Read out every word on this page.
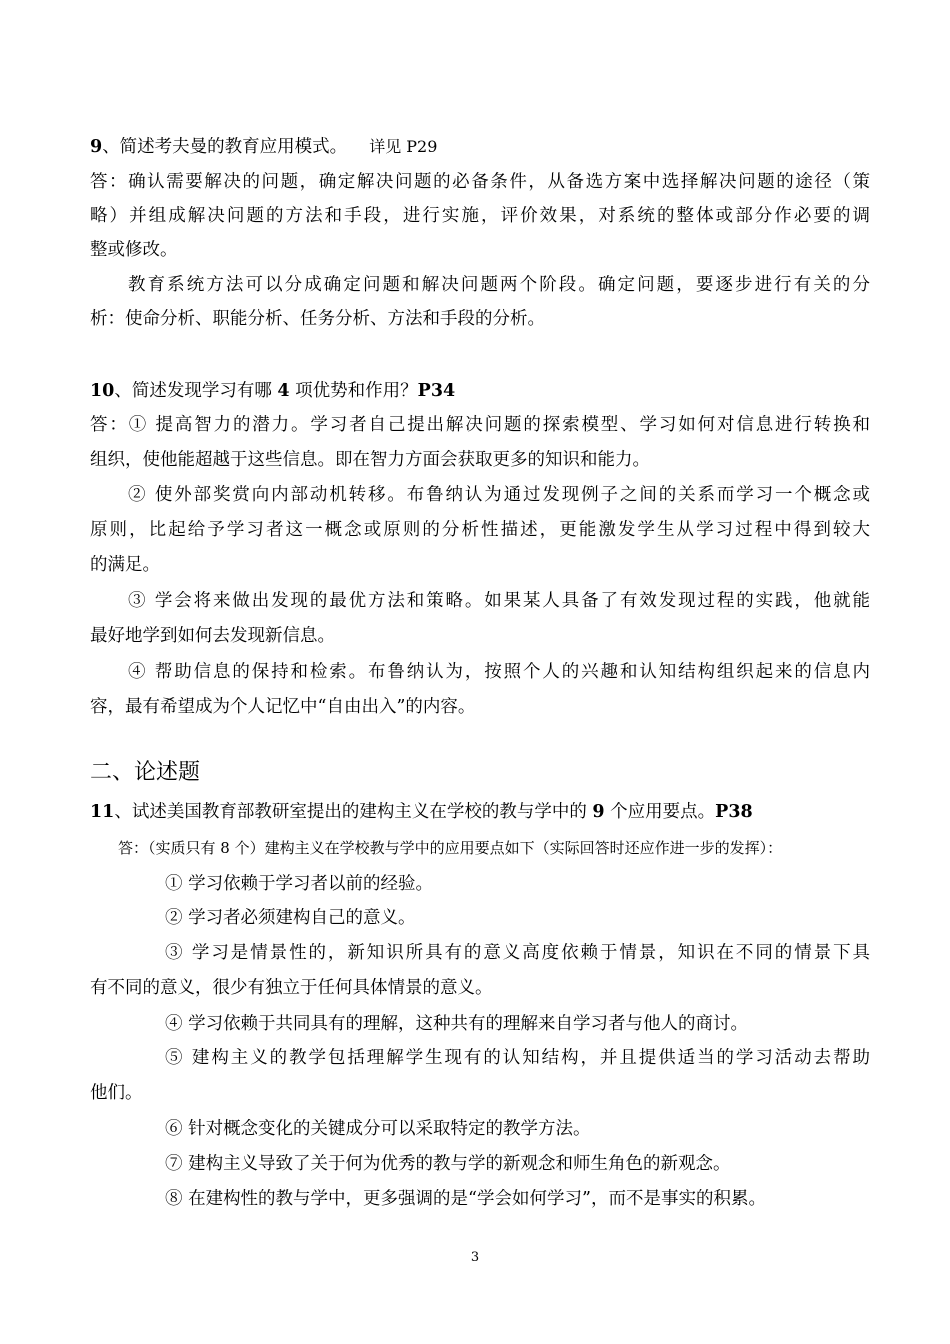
9、简述考夫曼的教育应用模式。 详见 P29
答：确认需要解决的问题，确定解决问题的必备条件，从备选方案中选择解决问题的途径（策
略）并组成解决问题的方法和手段，进行实施，评价效果，对系统的整体或部分作必要的调
整或修改。
教育系统方法可以分成确定问题和解决问题两个阶段。确定问题，要逐步进行有关的分
析：使命分析、职能分析、任务分析、方法和手段的分析。
10、简述发现学习有哪 4 项优势和作用？P34
答：① 提高智力的潜力。学习者自己提出解决问题的探索模型、学习如何对信息进行转换和
组织，使他能超越于这些信息。即在智力方面会获取更多的知识和能力。
② 使外部奖赏向内部动机转移。布鲁纳认为通过发现例子之间的关系而学习一个概念或
原则，比起给予学习者这一概念或原则的分析性描述，更能激发学生从学习过程中得到较大
的满足。
③ 学会将来做出发现的最优方法和策略。如果某人具备了有效发现过程的实践，他就能
最好地学到如何去发现新信息。
④ 帮助信息的保持和检索。布鲁纳认为，按照个人的兴趣和认知结构组织起来的信息内
容，最有希望成为个人记忆中“自由出入”的内容。
二、论述题
11、试述美国教育部教研室提出的建构主义在学校的教与学中的 9 个应用要点。P38
答：（实质只有 8 个）建构主义在学校教与学中的应用要点如下（实际回答时还应作进一步的发挥）：
① 学习依赖于学习者以前的经验。
② 学习者必须建构自己的意义。
③ 学习是情景性的，新知识所具有的意义高度依赖于情景，知识在不同的情景下具
有不同的意义，很少有独立于任何具体情景的意义。
④ 学习依赖于共同具有的理解，这种共有的理解来自学习者与他人的商讨。
⑤ 建构主义的教学包括理解学生现有的认知结构，并且提供适当的学习活动去帮助
他们。
⑥ 针对概念变化的关键成分可以采取特定的教学方法。
⑦ 建构主义导致了关于何为优秀的教与学的新观念和师生角色的新观念。
⑧ 在建构性的教与学中，更多强调的是“学会如何学习”，而不是事实的积累。
3
